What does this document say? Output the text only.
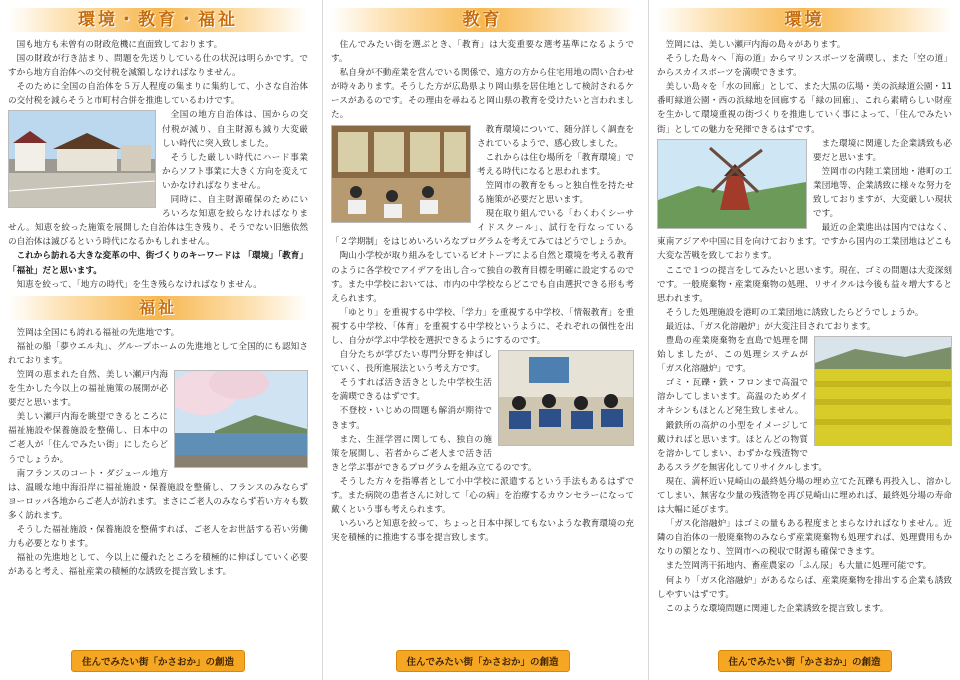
環境・教育・福祉

国も地方も未曾有の財政危機に直面致しております。

国の財政が行き詰まり、問題を先送りしている仕の状況は明らかです。ですから地方自治体への交付税を減額しなければなりません。

そのために全国の自治体を５万人程度の集まりに集約して、小さな自治体の交付税を減らそうと市町村合併を推進しているわけです。

全国の地方自治体は、国からの交付税が減り、自主財源も減り大変厳しい時代に突入致しました。

そうした厳しい時代にハード事業からソフト事業に大きく方向を変えていかなければなりません。

同時に、自主財源確保のためにいろいろな知恵を絞らなければなりません。知恵を絞った施策を展開した自治体は生き残り、そうでない旧態依然の自治体は滅びるという時代になるかもしれません。

これから訪れる大きな変革の中、街づくりのキーワードは 「環境」「教育」「福祉」だと思います。

知恵を絞って、「地方の時代」を生き残らなければなりません。

福祉

笠岡は全国にも誇れる福祉の先進地です。

福祉の船「夢ウエル丸」、グループホームの先進地として全国的にも認知されております。

笠岡の恵まれた自然、美しい瀬戸内海を生かした今以上の福祉施策の展開が必要だと思います。

美しい瀬戸内海を眺望できるところに福祉施設や保養施設を整備し、日本中のご老人が「住んでみたい街」にしたらどうでしょうか。

南フランスのコート・ダジュール地方は、温暖な地中海沿岸に福祉施設・保養施設を整備し、フランスのみならずヨーロッパ各地からご老人が訪れます。まさにご老人のみならず若い方々も数多く訪れます。

そうした福祉施設・保養施設を整備すれば、ご老人をお世話する若い労働力も必要となります。

福祉の先進地として、今以上に優れたところを積極的に伸ばしていく必要があると考え、福祉産業の積極的な誘致を提言致します。

住んでみたい街「かさおか」の創造
教育

住んでみたい街を選ぶとき、「教育」は大変重要な選考基準になるようです。

私自身が不動産業を営んでいる関係で、遠方の方から住宅用地の問い合わせが時々あります。そうした方が広島県より岡山県を居住地として検討されるケースがあるのです。その理由を尋ねると岡山県の教育を受けたいと言われました。

教育環境について、随分詳しく調査をされているようで、感心致しました。

これからは住む場所を「教育環境」で考える時代になると思われます。

笠岡市の教育をもっと独自性を持たせる施策が必要だと思います。

現在取り組んでいる「わくわくシーサイドスクール」、試行を行なっている「２学期制」をはじめいろいろなプログラムを考えてみてはどうでしょうか。

陶山小学校が取り組みをしているビオトープによる自然と環境を考える教育のように各学校でアイデアを出し合って独自の教育目標を明確に設定するのです。また中学校においては、市内の中学校ならどこでも自由選択できる形も考えられます。

「ゆとり」を重視する中学校、「学力」を重視する中学校、「情報教育」を重視する中学校、「体育」を重視する中学校というように、それぞれの個性を出し、自分が学ぶ中学校を選択できるようにするのです。

自分たちが学びたい専門分野を伸ばしていく、長所進展法という考え方です。

そうすれば活き活きとした中学校生活を満喫できるはずです。

不登校・いじめの問題も解消が期待できます。

また、生涯学習に関しても、独自の施策を展開し、若者からご老人まで活き活きと学ぶ事ができるプログラムを組み立てるのです。

そうした方々を指導者として小中学校に派遣するという手法もあるはずです。また病院の患者さんに対して「心の病」を治療するカウンセラーになって戴くという事も考えられます。

いろいろと知恵を絞って、ちょっと日本中探してもないような教育環境の充実を積極的に推進する事を提言致します。

住んでみたい街「かさおか」の創造
環境

笠岡には、美しい瀬戸内海の島々があります。

そうした島々へ「海の道」からマリンスポーツを満喫し、また「空の道」からスカイスポーツを満喫できます。

美しい島々を「水の回廊」として、また大黒の広場・美の浜緑道公園・11番町緑道公園・西の浜緑地を回廊する「緑の回廊」、これら素晴らしい財産を生かして環境重視の街づくりを推進していく事によって、「住んでみたい街」としての魅力を発揮できるはずです。

また環境に関連した企業誘致も必要だと思います。

笠岡市の内陸工業団地・港町の工業団地等、企業誘致に様々な努力を致しておりますが、大変厳しい現状です。

最近の企業進出は国内ではなく、東南アジアや中国に目を向けております。ですから国内の工業団地はどこも大変な苦戦を致しております。

ここで１つの提言をしてみたいと思います。現在、ゴミの問題は大変深刻です。一般廃棄物・産業廃棄物の処理、リサイクルは今後も益々増大すると思われます。

そうした処理施設を港町の工業団地に誘致したらどうでしょうか。

最近は、「ガス化溶融炉」が大変注目されております。

豊島の産業廃棄物を直島で処理を開始しましたが、この処理システムが「ガス化溶融炉」です。

ゴミ・瓦礫・鉄・フロンまで高温で溶かしてしまいます。高温のためダイオキシンもほとんど発生致しません。

鍛鉄所の高炉の小型をイメージして戴ければと思います。ほとんどの物質を溶かしてしまい、わずかな残渣物であるスラグを無害化してリサイクルします。

現在、満杯近い見崎山の最終処分場の埋め立てた瓦礫も再投入し、溶かしてしまい、無害な少量の残渣物を再び見崎山に埋めれば、最終処分場の寿命は大幅に延びます。

「ガス化溶融炉」はゴミの量もある程度まとまらなければなりません。近隣の自治体の一般廃棄物のみならず産業廃棄物も処理すれば、処理費用もかなりの額となり、笠岡市への税収で財源も確保できます。

また笠岡湾干拓地内、畜産農家の「ふん尿」も大量に処理可能です。

何より「ガス化溶融炉」があるならば、産業廃棄物を排出する企業も誘致しやすいはずです。

このような環境問題に関連した企業誘致を提言致します。

住んでみたい街「かさおか」の創造
